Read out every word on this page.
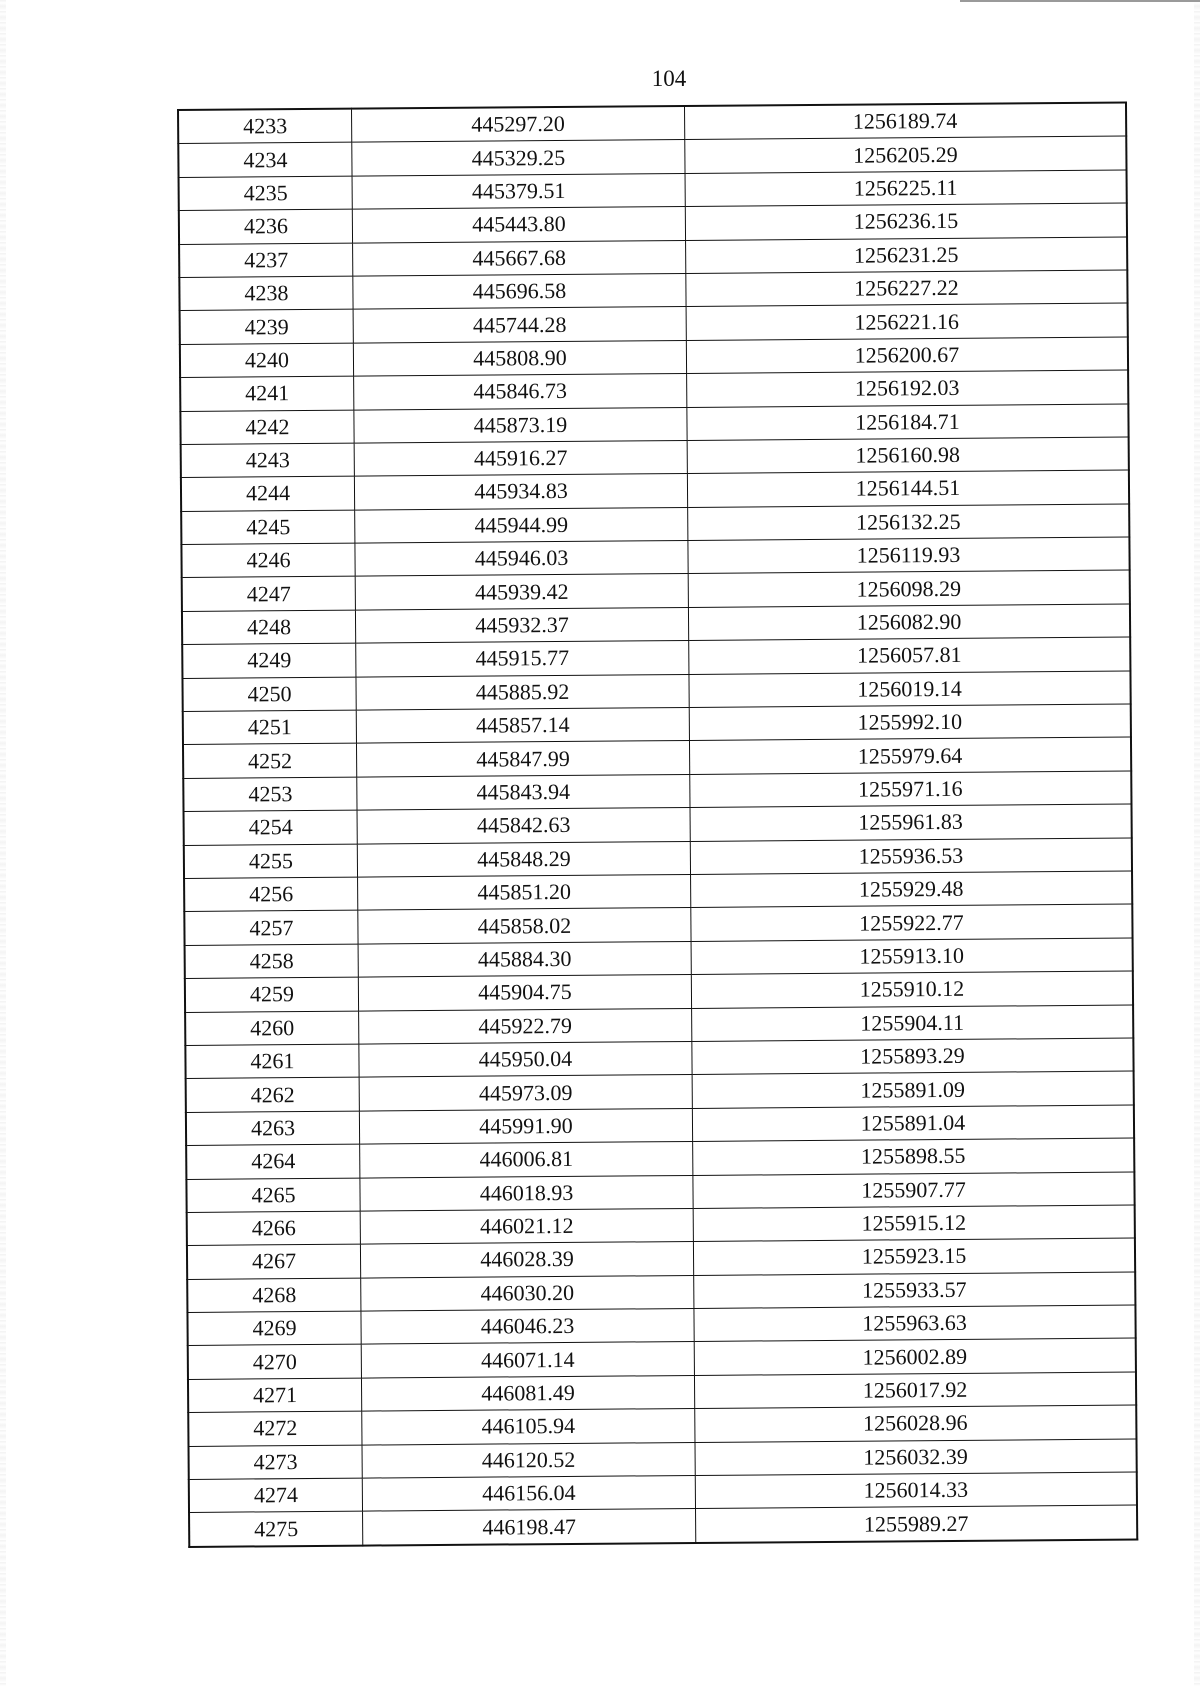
104
4233	445297.20	1256189.74
4234	445329.25	1256205.29
4235	445379.51	1256225.11
4236	445443.80	1256236.15
4237	445667.68	1256231.25
4238	445696.58	1256227.22
4239	445744.28	1256221.16
4240	445808.90	1256200.67
4241	445846.73	1256192.03
4242	445873.19	1256184.71
4243	445916.27	1256160.98
4244	445934.83	1256144.51
4245	445944.99	1256132.25
4246	445946.03	1256119.93
4247	445939.42	1256098.29
4248	445932.37	1256082.90
4249	445915.77	1256057.81
4250	445885.92	1256019.14
4251	445857.14	1255992.10
4252	445847.99	1255979.64
4253	445843.94	1255971.16
4254	445842.63	1255961.83
4255	445848.29	1255936.53
4256	445851.20	1255929.48
4257	445858.02	1255922.77
4258	445884.30	1255913.10
4259	445904.75	1255910.12
4260	445922.79	1255904.11
4261	445950.04	1255893.29
4262	445973.09	1255891.09
4263	445991.90	1255891.04
4264	446006.81	1255898.55
4265	446018.93	1255907.77
4266	446021.12	1255915.12
4267	446028.39	1255923.15
4268	446030.20	1255933.57
4269	446046.23	1255963.63
4270	446071.14	1256002.89
4271	446081.49	1256017.92
4272	446105.94	1256028.96
4273	446120.52	1256032.39
4274	446156.04	1256014.33
4275	446198.47	1255989.27
